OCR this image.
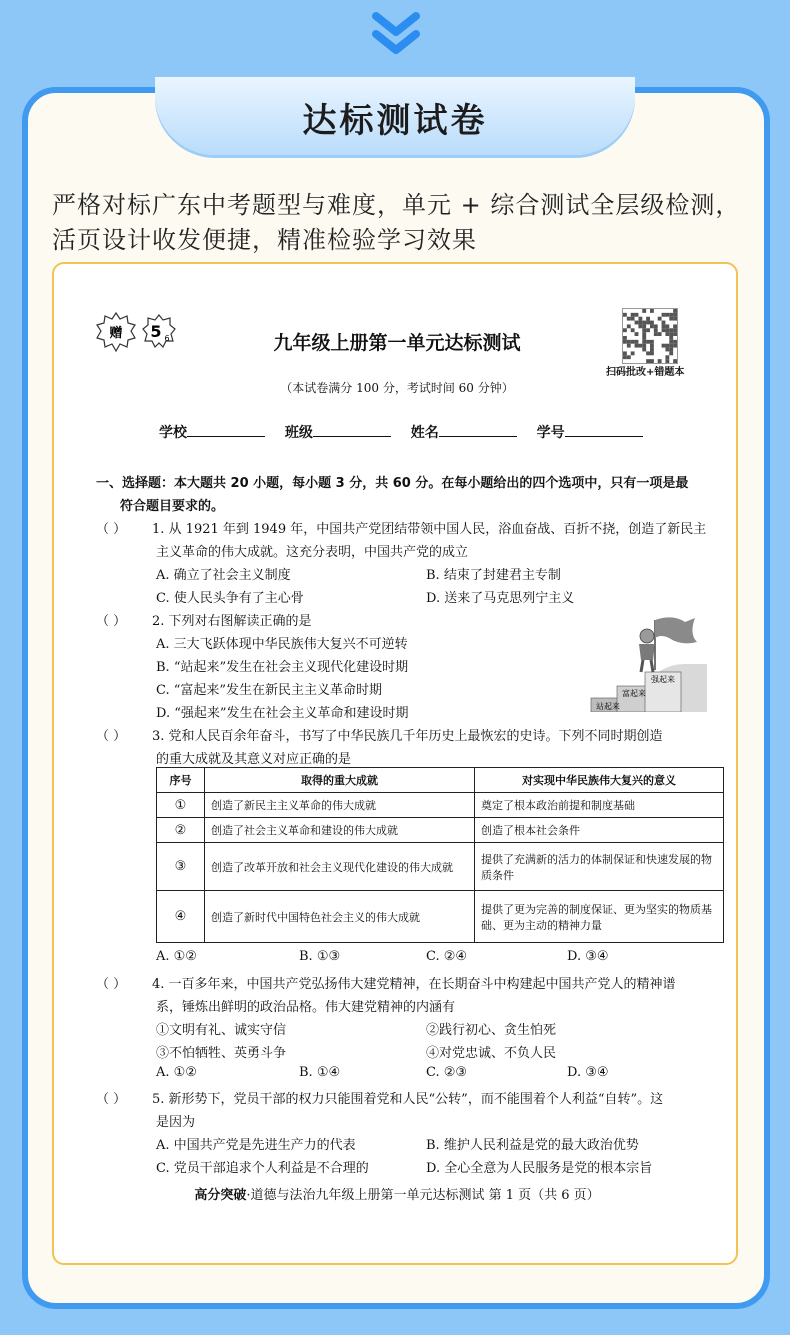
达标测试卷
严格对标广东中考题型与难度，单元 + 综合测试全层级检测，
活页设计收发便捷，精准检验学习效果
赠 5 6
扫码批改+错题本
九年级上册第一单元达标测试
（本试卷满分 100 分，考试时间 60 分钟）
学校	班级	姓名	学号
一、选择题：本大题共 20 小题，每小题 3 分，共 60 分。在每小题给出的四个选项中，只有一项是最
符合题目要求的。
（ ） 1. 从 1921 年到 1949 年，中国共产党团结带领中国人民，浴血奋战、百折不挠，创造了新民主
主义革命的伟大成就。这充分表明，中国共产党的成立
A. 确立了社会主义制度	B. 结束了封建君主专制
C. 使人民头争有了主心骨	D. 送来了马克思列宁主义
（ ） 2. 下列对右图解读正确的是
A. 三大飞跃体现中华民族伟大复兴不可逆转
B. “站起来”发生在社会主义现代化建设时期
C. “富起来”发生在新民主主义革命时期
D. “强起来”发生在社会主义革命和建设时期	站起来
富起来
强起来
（ ） 3. 党和人民百余年奋斗，书写了中华民族几千年历史上最恢宏的史诗。下列不同时期创造
的重大成就及其意义对应正确的是
序号	取得的重大成就	对实现中华民族伟大复兴的意义
①	创造了新民主主义革命的伟大成就	奠定了根本政治前提和制度基础
②	创造了社会主义革命和建设的伟大成就	创造了根本社会条件
③	创造了改革开放和社会主义现代化建设的伟大成就	提供了充满新的活力的体制保证和快速发展的物质条件
④	创造了新时代中国特色社会主义的伟大成就	提供了更为完善的制度保证、更为坚实的物质基础、更为主动的精神力量
A. ①②	B. ①③	C. ②④	D. ③④
（ ） 4. 一百多年来，中国共产党弘扬伟大建党精神，在长期奋斗中构建起中国共产党人的精神谱
系，锤炼出鲜明的政治品格。伟大建党精神的内涵有
①文明有礼、诚实守信	②践行初心、贪生怕死
③不怕牺牲、英勇斗争	④对党忠诚、不负人民
A. ①②	B. ①④	C. ②③	D. ③④
（ ） 5. 新形势下，党员干部的权力只能围着党和人民“公转”，而不能围着个人利益“自转”。这
是因为
A. 中国共产党是先进生产力的代表	B. 维护人民利益是党的最大政治优势
C. 党员干部追求个人利益是不合理的	D. 全心全意为人民服务是党的根本宗旨
高分突破·道德与法治九年级上册第一单元达标测试 第 1 页（共 6 页）
